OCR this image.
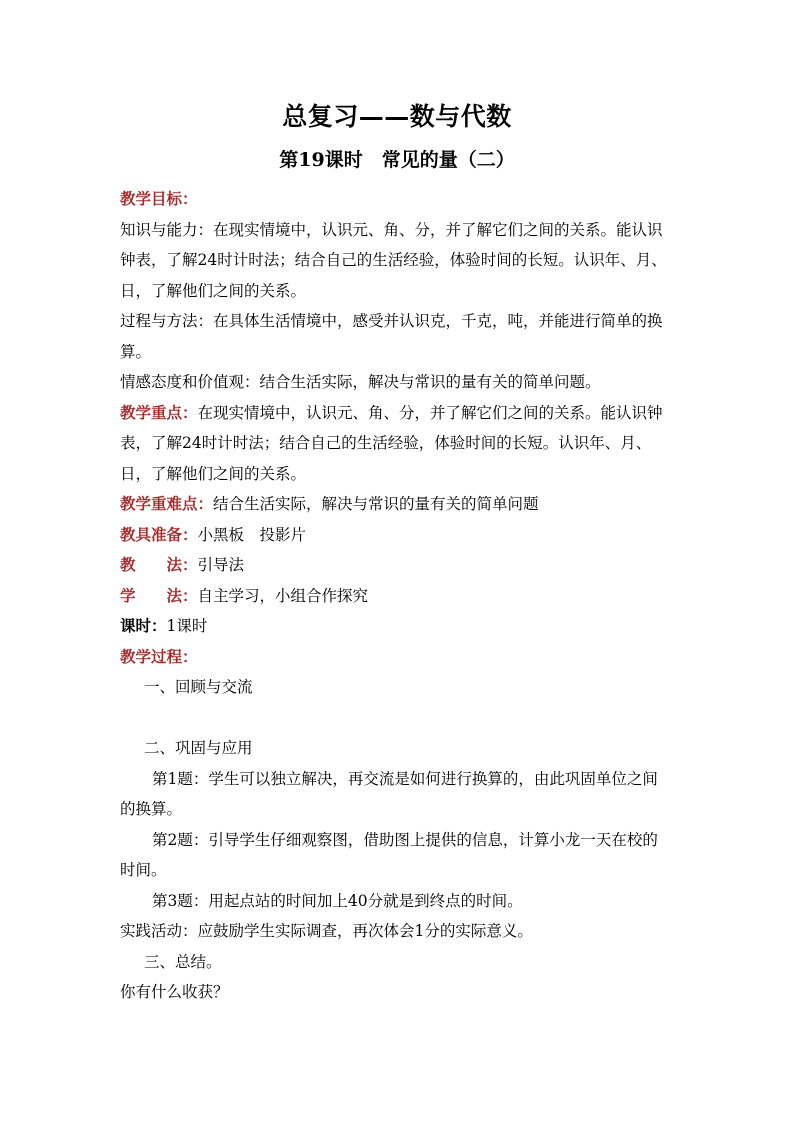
总复习——数与代数
第19课时　常见的量（二）
教学目标：
知识与能力：在现实情境中，认识元、角、分，并了解它们之间的关系。能认识
钟表，了解24时计时法；结合自己的生活经验，体验时间的长短。认识年、月、
日，了解他们之间的关系。
过程与方法：在具体生活情境中，感受并认识克，千克，吨，并能进行简单的换
算。
情感态度和价值观：结合生活实际，解决与常识的量有关的简单问题。
教学重点：在现实情境中，认识元、角、分，并了解它们之间的关系。能认识钟
表，了解24时计时法；结合自己的生活经验，体验时间的长短。认识年、月、
日，了解他们之间的关系。
教学重难点：结合生活实际，解决与常识的量有关的简单问题
教具准备：小黑板　投影片
教　　法：引导法
学　　法：自主学习，小组合作探究
课时：1课时
教学过程：
一、回顾与交流
二、巩固与应用
第1题：学生可以独立解决，再交流是如何进行换算的，由此巩固单位之间
的换算。
第2题：引导学生仔细观察图，借助图上提供的信息，计算小龙一天在校的
时间。
第3题：用起点站的时间加上40分就是到终点的时间。
实践活动：应鼓励学生实际调查，再次体会1分的实际意义。
三、总结。
你有什么收获？
